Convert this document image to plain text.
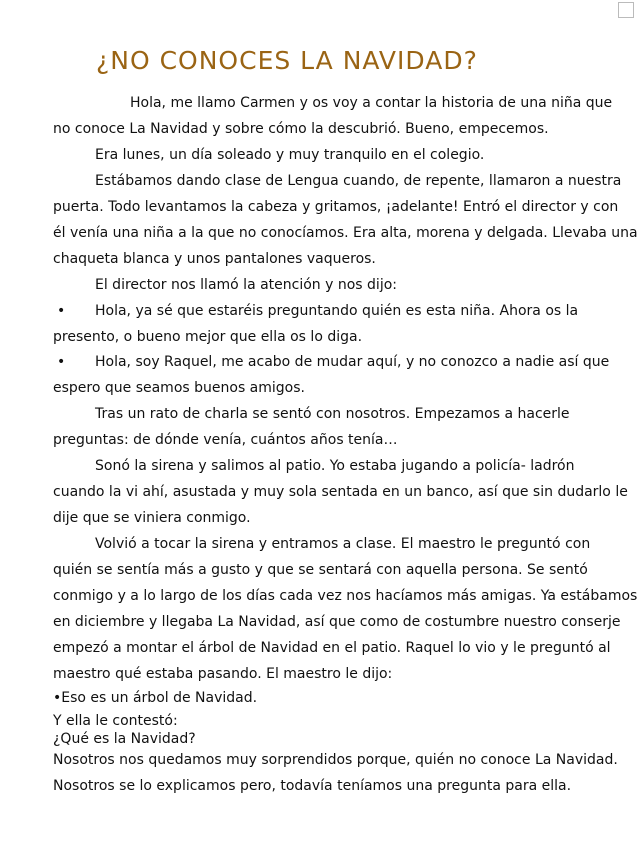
¿NO CONOCES LA NAVIDAD?
Hola, me llamo Carmen y os voy a contar la historia de una niña que
no conoce La Navidad y sobre cómo la descubrió. Bueno, empecemos.
Era lunes, un día soleado y muy tranquilo en el colegio.
Estábamos dando clase de Lengua cuando, de repente, llamaron a nuestra
puerta. Todo levantamos la cabeza y gritamos, ¡adelante! Entró el director y con
él venía una niña a la que no conocíamos. Era alta, morena y delgada. Llevaba una
chaqueta blanca y unos pantalones vaqueros.
El director nos llamó la atención y nos dijo:
• Hola, ya sé que estaréis preguntando quién es esta niña. Ahora os la
presento, o bueno mejor que ella os lo diga.
• Hola, soy Raquel, me acabo de mudar aquí, y no conozco a nadie así que
espero que seamos buenos amigos.
Tras un rato de charla se sentó con nosotros. Empezamos a hacerle
preguntas: de dónde venía, cuántos años tenía…
Sonó la sirena y salimos al patio. Yo estaba jugando a policía- ladrón
cuando la vi ahí, asustada y muy sola sentada en un banco, así que sin dudarlo le
dije que se viniera conmigo.
Volvió a tocar la sirena y entramos a clase. El maestro le preguntó con
quién se sentía más a gusto y que se sentará con aquella persona. Se sentó
conmigo y a lo largo de los días cada vez nos hacíamos más amigas. Ya estábamos
en diciembre y llegaba La Navidad, así que como de costumbre nuestro conserje
empezó a montar el árbol de Navidad en el patio. Raquel lo vio y le preguntó al
maestro qué estaba pasando. El maestro le dijo:
•Eso es un árbol de Navidad.
Y ella le contestó:
¿Qué es la Navidad?
Nosotros nos quedamos muy sorprendidos porque, quién no conoce La Navidad.
Nosotros se lo explicamos pero, todavía teníamos una pregunta para ella.
